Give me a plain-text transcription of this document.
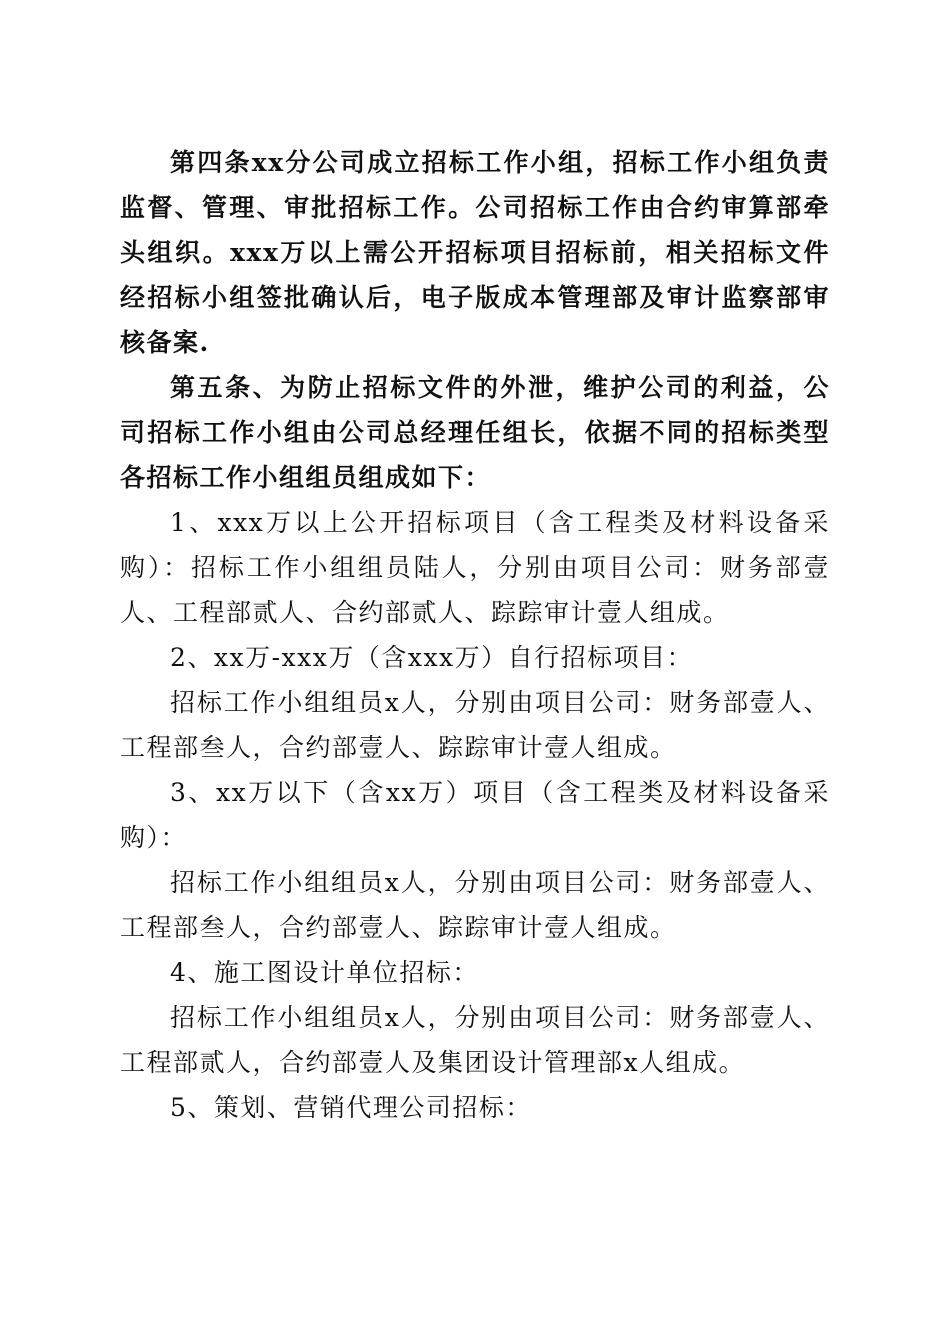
第四条xx分公司成立招标工作小组，招标工作小组负责监督、管理、审批招标工作。公司招标工作由合约审算部牵头组织。xxx万以上需公开招标项目招标前，相关招标文件经招标小组签批确认后，电子版成本管理部及审计监察部审核备案.

第五条、为防止招标文件的外泄，维护公司的利益，公司招标工作小组由公司总经理任组长，依据不同的招标类型各招标工作小组组员组成如下：

1、xxx万以上公开招标项目（含工程类及材料设备采购）：招标工作小组组员陆人，分别由项目公司：财务部壹人、工程部贰人、合约部贰人、踪踪审计壹人组成。

2、xx万-xxx万（含xxx万）自行招标项目：

招标工作小组组员x人，分别由项目公司：财务部壹人、工程部叁人，合约部壹人、踪踪审计壹人组成。

3、xx万以下（含xx万）项目（含工程类及材料设备采购）：

招标工作小组组员x人，分别由项目公司：财务部壹人、工程部叁人，合约部壹人、踪踪审计壹人组成。

4、施工图设计单位招标：

招标工作小组组员x人，分别由项目公司：财务部壹人、工程部贰人，合约部壹人及集团设计管理部x人组成。

5、策划、营销代理公司招标：
